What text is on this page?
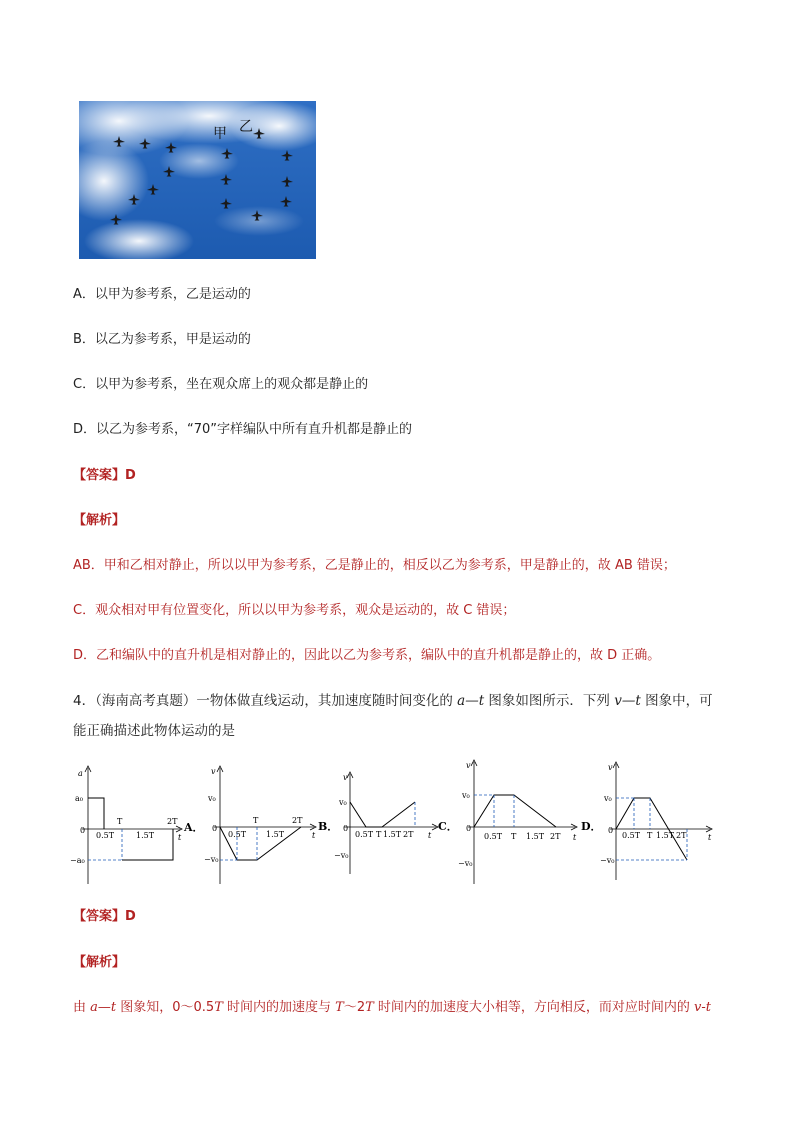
甲 乙
A．以甲为参考系，乙是运动的
B．以乙为参考系，甲是运动的
C．以甲为参考系，坐在观众席上的观众都是静止的
D．以乙为参考系，“70”字样编队中所有直升机都是静止的
【答案】D
【解析】
AB．甲和乙相对静止，所以以甲为参考系，乙是静止的，相反以乙为参考系，甲是静止的，故 AB 错误；
C．观众相对甲有位置变化，所以以甲为参考系，观众是运动的，故 C 错误；
D．乙和编队中的直升机是相对静止的，因此以乙为参考系，编队中的直升机都是静止的，故 D 正确。
4．（海南高考真题）一物体做直线运动，其加速度随时间变化的 a—t 图象如图所示．下列 v—t 图象中，可
能正确描述此物体运动的是
a
a₀
0
−a₀
0.5T
T
1.5T
2T
t
A．
v
v₀
0
−v₀
0.5T
T
1.5T
2T
t
B．
v
v₀
0
−v₀
0.5T T 1.5T 2T t
C．
v
v₀
0
−v₀
0.5T T 1.5T 2T t
D．
v
v₀
0
−v₀
0.5T T 1.5T 2T	t
【答案】D
【解析】
由 a—t 图象知，0～0.5T 时间内的加速度与 T～2T 时间内的加速度大小相等，方向相反，而对应时间内的 v-t
